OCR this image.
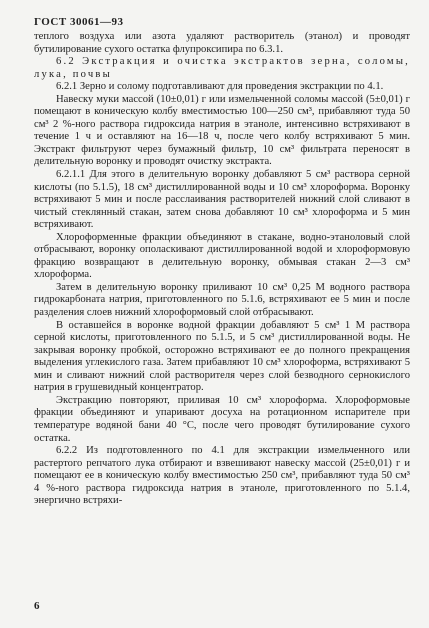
ГОСТ 30061—93

теплого воздуха или азота удаляют растворитель (этанол) и проводят бутилирование сухого остатка флупроксипира по 6.3.1.

6.2 Экстракция и очистка экстрактов зерна, соломы, лука, почвы

6.2.1 Зерно и солому подготавливают для проведения экстракции по 4.1.

Навеску муки массой (10±0,01) г или измельченной соломы массой (5±0,01) г помещают в коническую колбу вместимостью 100—250 см³, прибавляют туда 50 см³ 2 %-ного раствора гидроксида натрия в этаноле, интенсивно встряхивают в течение 1 ч и оставляют на 16—18 ч, после чего колбу встряхивают 5 мин. Экстракт фильтруют через бумажный фильтр, 10 см³ фильтрата переносят в делительную воронку и проводят очистку экстракта.

6.2.1.1 Для этого в делительную воронку добавляют 5 см³ раствора серной кислоты (по 5.1.5), 18 см³ дистиллированной воды и 10 см³ хлороформа. Воронку встряхивают 5 мин и после расслаивания растворителей нижний слой сливают в чистый стеклянный стакан, затем снова добавляют 10 см³ хлороформа и 5 мин встряхивают.

Хлороформенные фракции объединяют в стакане, водно-этаноловый слой отбрасывают, воронку ополаскивают дистиллированной водой и хлороформовую фракцию возвращают в делительную воронку, обмывая стакан 2—3 см³ хлороформа.

Затем в делительную воронку приливают 10 см³ 0,25 М водного раствора гидрокарбоната натрия, приготовленного по 5.1.6, встряхивают ее 5 мин и после разделения слоев нижний хлороформовый слой отбрасывают.

В оставшейся в воронке водной фракции добавляют 5 см³ 1 М раствора серной кислоты, приготовленного по 5.1.5, и 5 см³ дистиллированной воды. Не закрывая воронку пробкой, осторожно встряхивают ее до полного прекращения выделения углекислого газа. Затем прибавляют 10 см³ хлороформа, встряхивают 5 мин и сливают нижний слой растворителя через слой безводного сернокислого натрия в грушевидный концентратор.

Экстракцию повторяют, приливая 10 см³ хлороформа. Хлороформовые фракции объединяют и упаривают досуха на ротационном испарителе при температуре водяной бани 40 °С, после чего проводят бутилирование сухого остатка.

6.2.2 Из подготовленного по 4.1 для экстракции измельченного или растертого репчатого лука отбирают и взвешивают навеску массой (25±0,01) г и помещают ее в коническую колбу вместимостью 250 см³, прибавляют туда 50 см³ 4 %-ного раствора гидроксида натрия в этаноле, приготовленного по 5.1.4, энергично встряхи-

6
